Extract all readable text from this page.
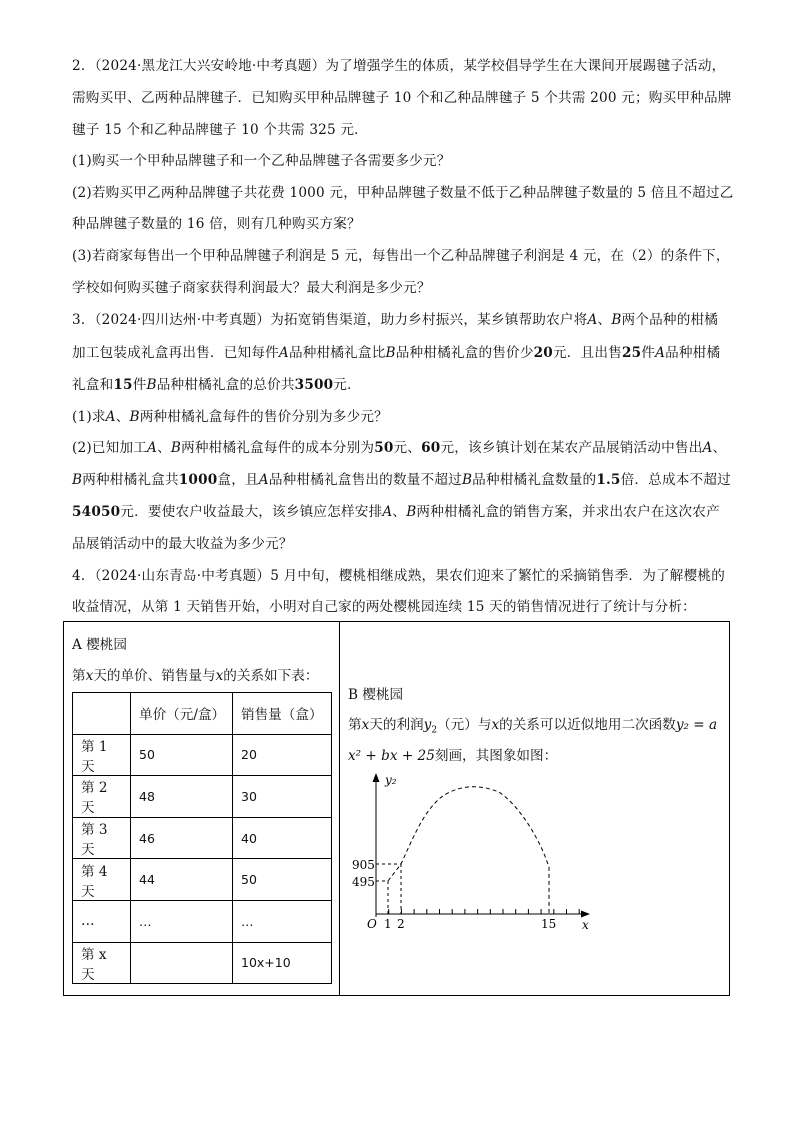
2．（2024·黑龙江大兴安岭地·中考真题）为了增强学生的体质，某学校倡导学生在大课间开展踢毽子活动，
需购买甲、乙两种品牌毽子．已知购买甲种品牌毽子 10 个和乙种品牌毽子 5 个共需 200 元；购买甲种品牌
毽子 15 个和乙种品牌毽子 10 个共需 325 元．
(1)购买一个甲种品牌毽子和一个乙种品牌毽子各需要多少元？
(2)若购买甲乙两种品牌毽子共花费 1000 元，甲种品牌毽子数量不低于乙种品牌毽子数量的 5 倍且不超过乙
种品牌毽子数量的 16 倍，则有几种购买方案？
(3)若商家每售出一个甲种品牌毽子利润是 5 元，每售出一个乙种品牌毽子利润是 4 元，在（2）的条件下，
学校如何购买毽子商家获得利润最大？最大利润是多少元？
3．（2024·四川达州·中考真题）为拓宽销售渠道，助力乡村振兴，某乡镇帮助农户将A、B两个品种的柑橘
加工包装成礼盒再出售．已知每件A品种柑橘礼盒比B品种柑橘礼盒的售价少20元．且出售25件A品种柑橘
礼盒和15件B品种柑橘礼盒的总价共3500元．
(1)求A、B两种柑橘礼盒每件的售价分别为多少元？
(2)已知加工A、B两种柑橘礼盒每件的成本分别为50元、60元，该乡镇计划在某农产品展销活动中售出A、
B两种柑橘礼盒共1000盒，且A品种柑橘礼盒售出的数量不超过B品种柑橘礼盒数量的1.5倍．总成本不超过
54050元．要使农户收益最大，该乡镇应怎样安排A、B两种柑橘礼盒的销售方案，并求出农户在这次农产
品展销活动中的最大收益为多少元？
4．（2024·山东青岛·中考真题）5 月中旬，樱桃相继成熟，果农们迎来了繁忙的采摘销售季．为了解樱桃的
收益情况，从第 1 天销售开始，小明对自己家的两处樱桃园连续 15 天的销售情况进行了统计与分析：
A 樱桃园
第x天的单价、销售量与x的关系如下表：
	单价（元/盒）	销售量（盒）
第 1 天	50	20
第 2 天	48	30
第 3 天	46	40
第 4 天	44	50
…	…	…
第 x 天		10x+10
B 樱桃园
第x天的利润$y_2$（元）与x的关系可以近似地用二次函数y₂ = a
x² + bx + 25刻画，其图象如图：
y₂
x
O
905
495
1 2	15
